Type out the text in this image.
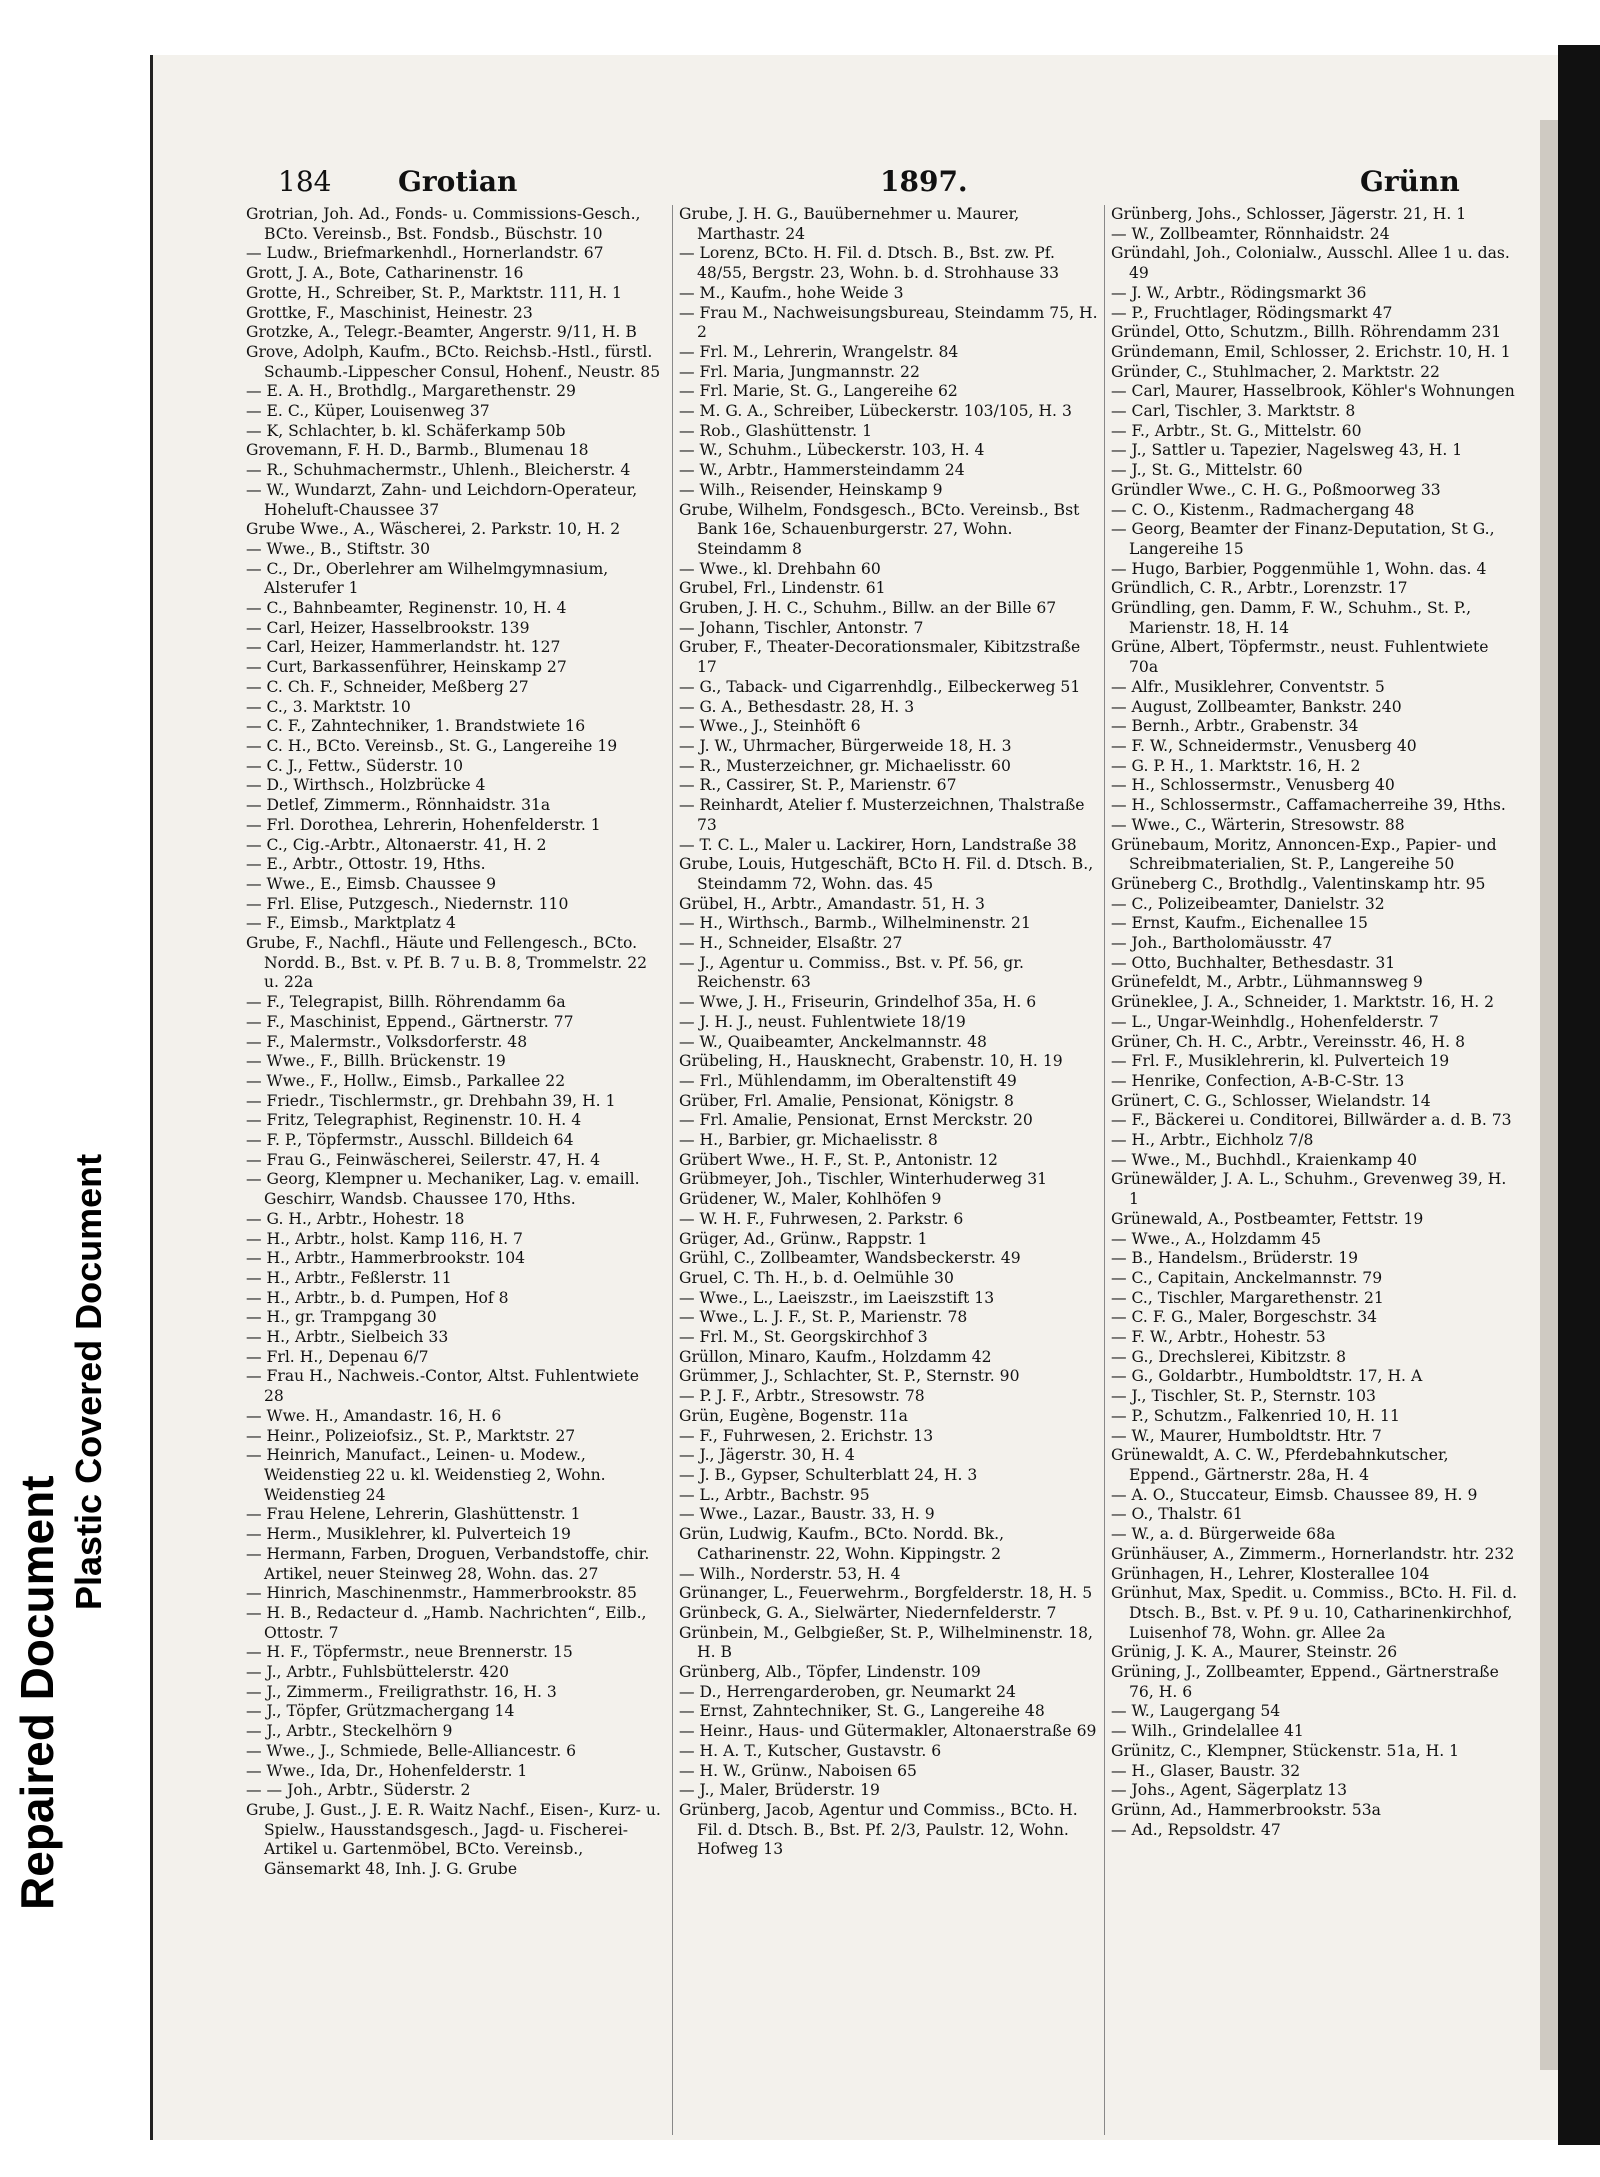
Repaired Document
Plastic Covered Document
184 Grotian	1897.	Grünn
Grotrian, Joh. Ad., Fonds- u. Commissions-Gesch., BCto. Vereinsb., Bst. Fondsb., Büschstr. 10
— Ludw., Briefmarkenhdl., Hornerlandstr. 67
Grott, J. A., Bote, Catharinenstr. 16
Grotte, H., Schreiber, St. P., Marktstr. 111, H. 1
Grottke, F., Maschinist, Heinestr. 23
Grotzke, A., Telegr.-Beamter, Angerstr. 9/11, H. B
Grove, Adolph, Kaufm., BCto. Reichsb.-Hstl., fürstl. Schaumb.-Lippescher Consul, Hohenf., Neustr. 85
— E. A. H., Brothdlg., Margarethenstr. 29
— E. C., Küper, Louisenweg 37
— K, Schlachter, b. kl. Schäferkamp 50b
Grovemann, F. H. D., Barmb., Blumenau 18
— R., Schuhmachermstr., Uhlenh., Bleicherstr. 4
— W., Wundarzt, Zahn- und Leichdorn-Operateur, Hoheluft-Chaussee 37
Grube Wwe., A., Wäscherei, 2. Parkstr. 10, H. 2
— Wwe., B., Stiftstr. 30
— C., Dr., Oberlehrer am Wilhelmgymnasium, Alsterufer 1
— C., Bahnbeamter, Reginenstr. 10, H. 4
— Carl, Heizer, Hasselbrookstr. 139
— Carl, Heizer, Hammerlandstr. ht. 127
— Curt, Barkassenführer, Heinskamp 27
— C. Ch. F., Schneider, Meßberg 27
— C., 3. Marktstr. 10
— C. F., Zahntechniker, 1. Brandstwiete 16
— C. H., BCto. Vereinsb., St. G., Langereihe 19
— C. J., Fettw., Süderstr. 10
— D., Wirthsch., Holzbrücke 4
— Detlef, Zimmerm., Rönnhaidstr. 31a
— Frl. Dorothea, Lehrerin, Hohenfelderstr. 1
— C., Cig.-Arbtr., Altonaerstr. 41, H. 2
— E., Arbtr., Ottostr. 19, Hths.
— Wwe., E., Eimsb. Chaussee 9
— Frl. Elise, Putzgesch., Niedernstr. 110
— F., Eimsb., Marktplatz 4
Grube, F., Nachfl., Häute und Fellengesch., BCto. Nordd. B., Bst. v. Pf. B. 7 u. B. 8, Trommelstr. 22 u. 22a
— F., Telegrapist, Billh. Röhrendamm 6a
— F., Maschinist, Eppend., Gärtnerstr. 77
— F., Malermstr., Volksdorferstr. 48
— Wwe., F., Billh. Brückenstr. 19
— Wwe., F., Hollw., Eimsb., Parkallee 22
— Friedr., Tischlermstr., gr. Drehbahn 39, H. 1
— Fritz, Telegraphist, Reginenstr. 10. H. 4
— F. P., Töpfermstr., Ausschl. Billdeich 64
— Frau G., Feinwäscherei, Seilerstr. 47, H. 4
— Georg, Klempner u. Mechaniker, Lag. v. emaill. Geschirr, Wandsb. Chaussee 170, Hths.
— G. H., Arbtr., Hohestr. 18
— H., Arbtr., holst. Kamp 116, H. 7
— H., Arbtr., Hammerbrookstr. 104
— H., Arbtr., Feßlerstr. 11
— H., Arbtr., b. d. Pumpen, Hof 8
— H., gr. Trampgang 30
— H., Arbtr., Sielbeich 33
— Frl. H., Depenau 6/7
— Frau H., Nachweis.-Contor, Altst. Fuhlentwiete 28
— Wwe. H., Amandastr. 16, H. 6
— Heinr., Polizeiofsiz., St. P., Marktstr. 27
— Heinrich, Manufact., Leinen- u. Modew., Weidenstieg 22 u. kl. Weidenstieg 2, Wohn. Weidenstieg 24
— Frau Helene, Lehrerin, Glashüttenstr. 1
— Herm., Musiklehrer, kl. Pulverteich 19
— Hermann, Farben, Droguen, Verbandstoffe, chir. Artikel, neuer Steinweg 28, Wohn. das. 27
— Hinrich, Maschinenmstr., Hammerbrookstr. 85
— H. B., Redacteur d. „Hamb. Nachrichten“, Eilb., Ottostr. 7
— H. F., Töpfermstr., neue Brennerstr. 15
— J., Arbtr., Fuhlsbüttelerstr. 420
— J., Zimmerm., Freiligrathstr. 16, H. 3
— J., Töpfer, Grützmachergang 14
— J., Arbtr., Steckelhörn 9
— Wwe., J., Schmiede, Belle-Alliancestr. 6
— Wwe., Ida, Dr., Hohenfelderstr. 1
— — Joh., Arbtr., Süderstr. 2
Grube, J. Gust., J. E. R. Waitz Nachf., Eisen-, Kurz- u. Spielw., Hausstandsgesch., Jagd- u. Fischerei-Artikel u. Gartenmöbel, BCto. Vereinsb., Gänsemarkt 48, Inh. J. G. Grube
Grube, J. H. G., Bauübernehmer u. Maurer, Marthastr. 24
— Lorenz, BCto. H. Fil. d. Dtsch. B., Bst. zw. Pf. 48/55, Bergstr. 23, Wohn. b. d. Strohhause 33
— M., Kaufm., hohe Weide 3
— Frau M., Nachweisungsbureau, Steindamm 75, H. 2
— Frl. M., Lehrerin, Wrangelstr. 84
— Frl. Maria, Jungmannstr. 22
— Frl. Marie, St. G., Langereihe 62
— M. G. A., Schreiber, Lübeckerstr. 103/105, H. 3
— Rob., Glashüttenstr. 1
— W., Schuhm., Lübeckerstr. 103, H. 4
— W., Arbtr., Hammersteindamm 24
— Wilh., Reisender, Heinskamp 9
Grube, Wilhelm, Fondsgesch., BCto. Vereinsb., Bst Bank 16e, Schauenburgerstr. 27, Wohn. Steindamm 8
— Wwe., kl. Drehbahn 60
Grubel, Frl., Lindenstr. 61
Gruben, J. H. C., Schuhm., Billw. an der Bille 67
— Johann, Tischler, Antonstr. 7
Gruber, F., Theater-Decorationsmaler, Kibitzstraße 17
— G., Taback- und Cigarrenhdlg., Eilbeckerweg 51
— G. A., Bethesdastr. 28, H. 3
— Wwe., J., Steinhöft 6
— J. W., Uhrmacher, Bürgerweide 18, H. 3
— R., Musterzeichner, gr. Michaelisstr. 60
— R., Cassirer, St. P., Marienstr. 67
— Reinhardt, Atelier f. Musterzeichnen, Thalstraße 73
— T. C. L., Maler u. Lackirer, Horn, Landstraße 38
Grube, Louis, Hutgeschäft, BCto H. Fil. d. Dtsch. B., Steindamm 72, Wohn. das. 45
Grübel, H., Arbtr., Amandastr. 51, H. 3
— H., Wirthsch., Barmb., Wilhelminenstr. 21
— H., Schneider, Elsaßtr. 27
— J., Agentur u. Commiss., Bst. v. Pf. 56, gr. Reichenstr. 63
— Wwe, J. H., Friseurin, Grindelhof 35a, H. 6
— J. H. J., neust. Fuhlentwiete 18/19
— W., Quaibeamter, Anckelmannstr. 48
Grübeling, H., Hausknecht, Grabenstr. 10, H. 19
— Frl., Mühlendamm, im Oberaltenstift 49
Grüber, Frl. Amalie, Pensionat, Königstr. 8
— Frl. Amalie, Pensionat, Ernst Merckstr. 20
— H., Barbier, gr. Michaelisstr. 8
Grübert Wwe., H. F., St. P., Antonistr. 12
Grübmeyer, Joh., Tischler, Winterhuderweg 31
Grüdener, W., Maler, Kohlhöfen 9
— W. H. F., Fuhrwesen, 2. Parkstr. 6
Grüger, Ad., Grünw., Rappstr. 1
Grühl, C., Zollbeamter, Wandsbeckerstr. 49
Gruel, C. Th. H., b. d. Oelmühle 30
— Wwe., L., Laeiszstr., im Laeiszstift 13
— Wwe., L. J. F., St. P., Marienstr. 78
— Frl. M., St. Georgskirchhof 3
Grüllon, Minaro, Kaufm., Holzdamm 42
Grümmer, J., Schlachter, St. P., Sternstr. 90
— P. J. F., Arbtr., Stresowstr. 78
Grün, Eugène, Bogenstr. 11a
— F., Fuhrwesen, 2. Erichstr. 13
— J., Jägerstr. 30, H. 4
— J. B., Gypser, Schulterblatt 24, H. 3
— L., Arbtr., Bachstr. 95
— Wwe., Lazar., Baustr. 33, H. 9
Grün, Ludwig, Kaufm., BCto. Nordd. Bk., Catharinenstr. 22, Wohn. Kippingstr. 2
— Wilh., Norderstr. 53, H. 4
Grünanger, L., Feuerwehrm., Borgfelderstr. 18, H. 5
Grünbeck, G. A., Sielwärter, Niedernfelderstr. 7
Grünbein, M., Gelbgießer, St. P., Wilhelminenstr. 18, H. B
Grünberg, Alb., Töpfer, Lindenstr. 109
— D., Herrengarderoben, gr. Neumarkt 24
— Ernst, Zahntechniker, St. G., Langereihe 48
— Heinr., Haus- und Gütermakler, Altonaerstraße 69
— H. A. T., Kutscher, Gustavstr. 6
— H. W., Grünw., Naboisen 65
— J., Maler, Brüderstr. 19
Grünberg, Jacob, Agentur und Commiss., BCto. H. Fil. d. Dtsch. B., Bst. Pf. 2/3, Paulstr. 12, Wohn. Hofweg 13
Grünberg, Johs., Schlosser, Jägerstr. 21, H. 1
— W., Zollbeamter, Rönnhaidstr. 24
Gründahl, Joh., Colonialw., Ausschl. Allee 1 u. das. 49
— J. W., Arbtr., Rödingsmarkt 36
— P., Fruchtlager, Rödingsmarkt 47
Gründel, Otto, Schutzm., Billh. Röhrendamm 231
Gründemann, Emil, Schlosser, 2. Erichstr. 10, H. 1
Gründer, C., Stuhlmacher, 2. Marktstr. 22
— Carl, Maurer, Hasselbrook, Köhler's Wohnungen
— Carl, Tischler, 3. Marktstr. 8
— F., Arbtr., St. G., Mittelstr. 60
— J., Sattler u. Tapezier, Nagelsweg 43, H. 1
— J., St. G., Mittelstr. 60
Gründler Wwe., C. H. G., Poßmoorweg 33
— C. O., Kistenm., Radmachergang 48
— Georg, Beamter der Finanz-Deputation, St G., Langereihe 15
— Hugo, Barbier, Poggenmühle 1, Wohn. das. 4
Gründlich, C. R., Arbtr., Lorenzstr. 17
Gründling, gen. Damm, F. W., Schuhm., St. P., Marienstr. 18, H. 14
Grüne, Albert, Töpfermstr., neust. Fuhlentwiete 70a
— Alfr., Musiklehrer, Conventstr. 5
— August, Zollbeamter, Bankstr. 240
— Bernh., Arbtr., Grabenstr. 34
— F. W., Schneidermstr., Venusberg 40
— G. P. H., 1. Marktstr. 16, H. 2
— H., Schlossermstr., Venusberg 40
— H., Schlossermstr., Caffamacherreihe 39, Hths.
— Wwe., C., Wärterin, Stresowstr. 88
Grünebaum, Moritz, Annoncen-Exp., Papier- und Schreibmaterialien, St. P., Langereihe 50
Grüneberg C., Brothdlg., Valentinskamp htr. 95
— C., Polizeibeamter, Danielstr. 32
— Ernst, Kaufm., Eichenallee 15
— Joh., Bartholomäusstr. 47
— Otto, Buchhalter, Bethesdastr. 31
Grünefeldt, M., Arbtr., Lühmannsweg 9
Grüneklee, J. A., Schneider, 1. Marktstr. 16, H. 2
— L., Ungar-Weinhdlg., Hohenfelderstr. 7
Grüner, Ch. H. C., Arbtr., Vereinsstr. 46, H. 8
— Frl. F., Musiklehrerin, kl. Pulverteich 19
— Henrike, Confection, A-B-C-Str. 13
Grünert, C. G., Schlosser, Wielandstr. 14
— F., Bäckerei u. Conditorei, Billwärder a. d. B. 73
— H., Arbtr., Eichholz 7/8
— Wwe., M., Buchhdl., Kraienkamp 40
Grünewälder, J. A. L., Schuhm., Grevenweg 39, H. 1
Grünewald, A., Postbeamter, Fettstr. 19
— Wwe., A., Holzdamm 45
— B., Handelsm., Brüderstr. 19
— C., Capitain, Anckelmannstr. 79
— C., Tischler, Margarethenstr. 21
— C. F. G., Maler, Borgeschstr. 34
— F. W., Arbtr., Hohestr. 53
— G., Drechslerei, Kibitzstr. 8
— G., Goldarbtr., Humboldtstr. 17, H. A
— J., Tischler, St. P., Sternstr. 103
— P., Schutzm., Falkenried 10, H. 11
— W., Maurer, Humboldtstr. Htr. 7
Grünewaldt, A. C. W., Pferdebahnkutscher, Eppend., Gärtnerstr. 28a, H. 4
— A. O., Stuccateur, Eimsb. Chaussee 89, H. 9
— O., Thalstr. 61
— W., a. d. Bürgerweide 68a
Grünhäuser, A., Zimmerm., Hornerlandstr. htr. 232
Grünhagen, H., Lehrer, Klosterallee 104
Grünhut, Max, Spedit. u. Commiss., BCto. H. Fil. d. Dtsch. B., Bst. v. Pf. 9 u. 10, Catharinenkirchhof, Luisenhof 78, Wohn. gr. Allee 2a
Grünig, J. K. A., Maurer, Steinstr. 26
Grüning, J., Zollbeamter, Eppend., Gärtnerstraße 76, H. 6
— W., Laugergang 54
— Wilh., Grindelallee 41
Grünitz, C., Klempner, Stückenstr. 51a, H. 1
— H., Glaser, Baustr. 32
— Johs., Agent, Sägerplatz 13
Grünn, Ad., Hammerbrookstr. 53a
— Ad., Repsoldstr. 47
